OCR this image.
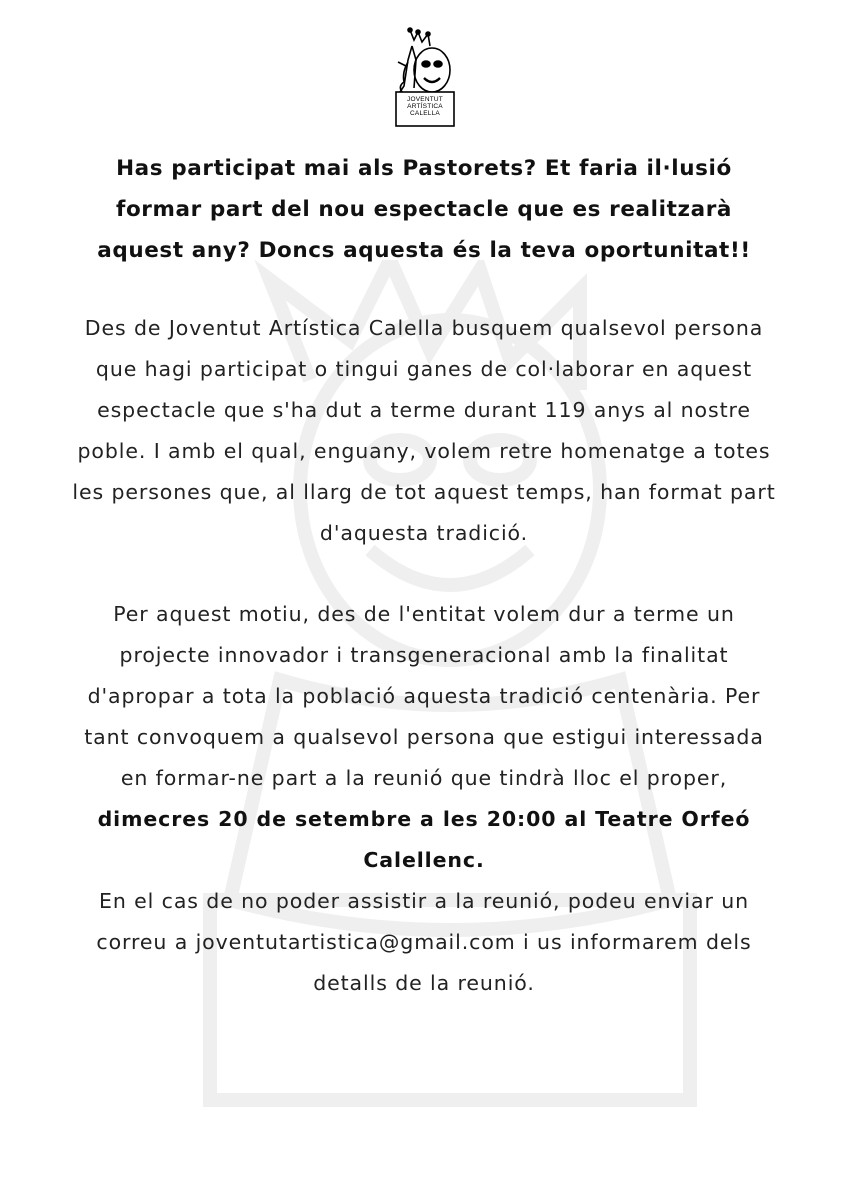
JOVENTUT
ARTÍSTICA
CALELLA

Has participat mai als Pastorets? Et faria il·lusió formar part del nou espectacle que es realitzarà aquest any? Doncs aquesta és la teva oportunitat!!

Des de Joventut Artística Calella busquem qualsevol persona que hagi participat o tingui ganes de col·laborar en aquest espectacle que s'ha dut a terme durant 119 anys al nostre poble. I amb el qual, enguany, volem retre homenatge a totes les persones que, al llarg de tot aquest temps, han format part d'aquesta tradició.

Per aquest motiu, des de l'entitat volem dur a terme un projecte innovador i transgeneracional amb la finalitat d'apropar a tota la població aquesta tradició centenària. Per tant convoquem a qualsevol persona que estigui interessada en formar-ne part a la reunió que tindrà lloc el proper, dimecres 20 de setembre a les 20:00 al Teatre Orfeó Calellenc.
En el cas de no poder assistir a la reunió, podeu enviar un correu a joventutartistica@gmail.com i us informarem dels detalls de la reunió.
